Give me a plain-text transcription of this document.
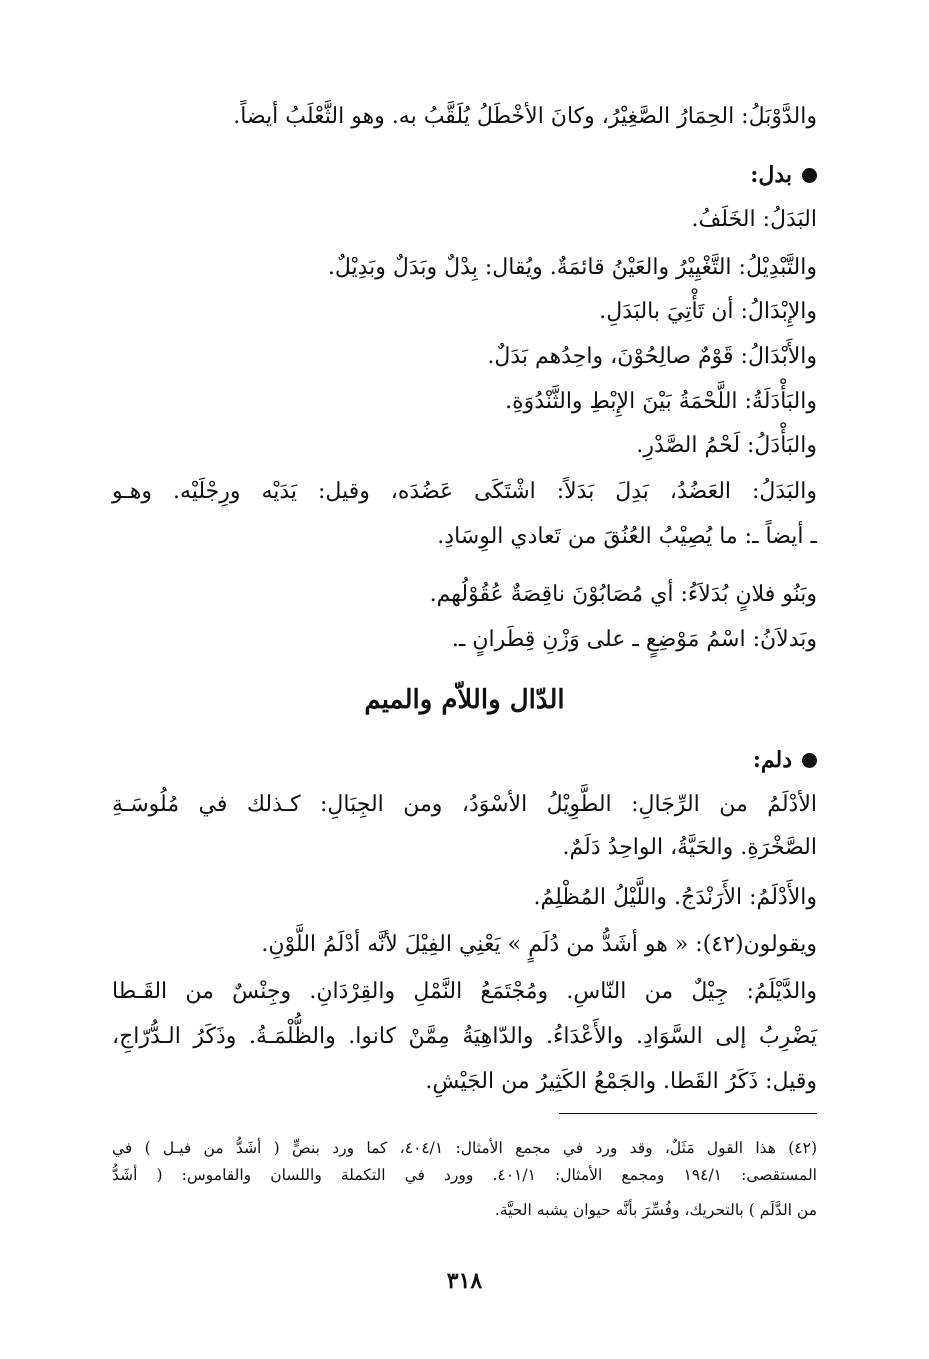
والدَّوْبَلُ: الحِمَارُ الصَّغِيْرُ، وكانَ الأخْطَلُ يُلَقَّبُ به. وهو الثَّعْلَبُ أيضاً.
بدل:
البَدَلُ: الخَلَفُ.
والتَّبْدِيْلُ: التَّغْيِيْرُ والعَيْنُ قائمَةٌ. ويُقال: بِدْلٌ وبَدَلٌ وبَدِيْلٌ.
والإِبْدَالُ: أن تَأْتِيَ بالبَدَلِ.
والأَبْدَالُ: قَوْمٌ صالِحُوْنَ، واحِدُهم بَدَلٌ.
والبَأْدَلَةُ: اللَّحْمَةُ بَيْنَ الإِبْطِ والثَّنْدُوَةِ.
والبَأْدَلُ: لَحْمُ الصَّدْرِ.
والبَدَلُ: العَضُدُ، بَدِلَ بَدَلاً: اشْتَكَى عَضُدَه، وقيل: يَدَيْه ورِجْلَيْه. وهـو
ـ أيضاً ـ: ما يُصِيْبُ العُنُقَ من تَعادي الوِسَادِ.
وبَنُو فلانٍ بُدَلاَءُ: أي مُصَابُوْنَ ناقِصَةٌ عُقُوْلُهم.
وبَدلاَنُ: اسْمُ مَوْضِعٍ ـ على وَزْنِ قِطَرانٍ ـ.
الدّال واللاّم والميم
دلم:
الأدْلَمُ من الرِّجَالِ: الطَّوِيْلُ الأسْوَدُ، ومن الجِبَالِ: كـذلك في مُلُوسَـةِ
الصَّخْرَةِ. والحَيَّةُ، الواحِدُ دَلَمٌ.
والأَدْلَمُ: الأَرَنْدَجُ. واللَّيْلُ المُظْلِمُ.
ويقولون(٤٢): « هو أشَدُّ من دُلَمٍ » يَعْنِي الفِيْلَ لأنَّه أدْلَمُ اللَّوْنِ.
والدَّيْلَمُ: جِيْلٌ من النّاسِ. ومُجْتَمَعُ النَّمْلِ والقِرْدَانِ. وجِنْسٌ من القَـطا
يَضْرِبُ إلى السَّوَادِ. والأَعْدَاءُ. والدّاهِيَةُ مِمَّنْ كانوا. والظُّلْمَـةُ. وذَكَرُ الـدُّرّاجِ،
وقيل: ذَكَرُ القَطا. والجَمْعُ الكَثِيرُ من الجَيْشِ.
(٤٢) هذا القول مَثَلٌ، وقد ورد في مجمع الأمثال: ٤٠٤/١، كما ورد بنصٍّ ( أشَدُّ من فيـل ) في
المستقصى: ١٩٤/١ ومجمع الأمثال: ٤٠١/١. وورد في التكملة واللسان والقاموس: ( أشَدُّ
من الدَّلَم ) بالتحريك، وفُسِّرَ بأنَّه حيوان يشبه الحيَّة.
٣١٨
